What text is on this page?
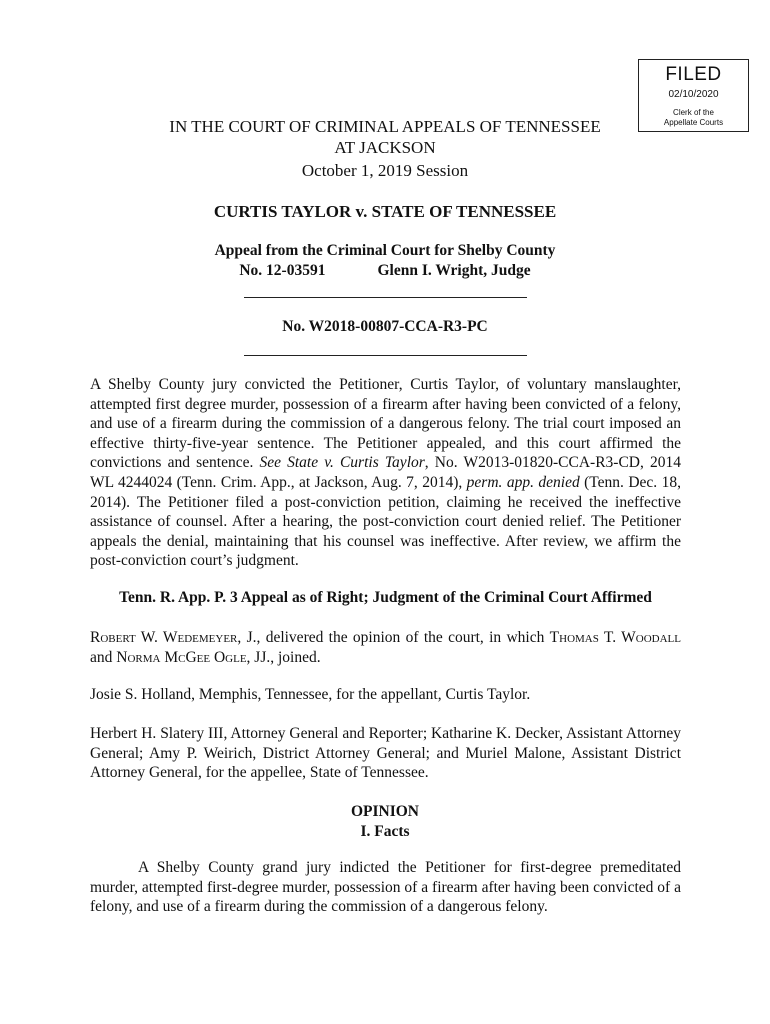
FILED
02/10/2020
Clerk of the
Appellate Courts
IN THE COURT OF CRIMINAL APPEALS OF TENNESSEE
AT JACKSON
October 1, 2019 Session
CURTIS TAYLOR v. STATE OF TENNESSEE
Appeal from the Criminal Court for Shelby County
No. 12-03591	Glenn I. Wright, Judge
No. W2018-00807-CCA-R3-PC

A Shelby County jury convicted the Petitioner, Curtis Taylor, of voluntary manslaughter, attempted first degree murder, possession of a firearm after having been convicted of a felony, and use of a firearm during the commission of a dangerous felony. The trial court imposed an effective thirty-five-year sentence. The Petitioner appealed, and this court affirmed the convictions and sentence. See State v. Curtis Taylor, No. W2013-01820-CCA-R3-CD, 2014 WL 4244024 (Tenn. Crim. App., at Jackson, Aug. 7, 2014), perm. app. denied (Tenn. Dec. 18, 2014). The Petitioner filed a post-conviction petition, claiming he received the ineffective assistance of counsel. After a hearing, the post-conviction court denied relief. The Petitioner appeals the denial, maintaining that his counsel was ineffective. After review, we affirm the post-conviction court’s judgment.

Tenn. R. App. P. 3 Appeal as of Right; Judgment of the Criminal Court Affirmed

Robert W. Wedemeyer, J., delivered the opinion of the court, in which Thomas T. Woodall and Norma McGee Ogle, JJ., joined.

Josie S. Holland, Memphis, Tennessee, for the appellant, Curtis Taylor.

Herbert H. Slatery III, Attorney General and Reporter; Katharine K. Decker, Assistant Attorney General; Amy P. Weirich, District Attorney General; and Muriel Malone, Assistant District Attorney General, for the appellee, State of Tennessee.

OPINION
I. Facts

A Shelby County grand jury indicted the Petitioner for first-degree premeditated murder, attempted first-degree murder, possession of a firearm after having been convicted of a felony, and use of a firearm during the commission of a dangerous felony.
